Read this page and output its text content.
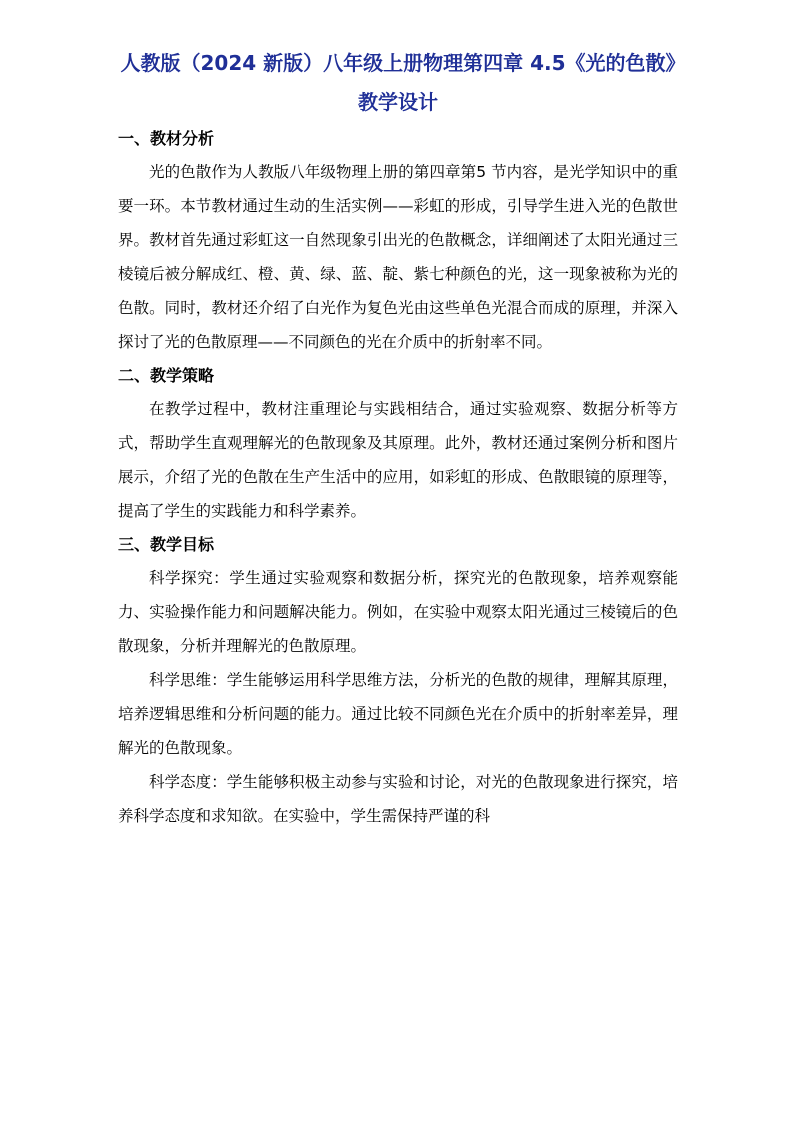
人教版（2024 新版）八年级上册物理第四章 4.5《光的色散》教学设计
一、教材分析

光的色散作为人教版八年级物理上册的第四章第5 节内容，是光学知识中的重要一环。本节教材通过生动的生活实例——彩虹的形成，引导学生进入光的色散世界。教材首先通过彩虹这一自然现象引出光的色散概念，详细阐述了太阳光通过三棱镜后被分解成红、橙、黄、绿、蓝、靛、紫七种颜色的光，这一现象被称为光的色散。同时，教材还介绍了白光作为复色光由这些单色光混合而成的原理，并深入探讨了光的色散原理——不同颜色的光在介质中的折射率不同。

二、教学策略

在教学过程中，教材注重理论与实践相结合，通过实验观察、数据分析等方式，帮助学生直观理解光的色散现象及其原理。此外，教材还通过案例分析和图片展示，介绍了光的色散在生产生活中的应用，如彩虹的形成、色散眼镜的原理等，提高了学生的实践能力和科学素养。

三、教学目标

科学探究：学生通过实验观察和数据分析，探究光的色散现象，培养观察能力、实验操作能力和问题解决能力。例如，在实验中观察太阳光通过三棱镜后的色散现象，分析并理解光的色散原理。

科学思维：学生能够运用科学思维方法，分析光的色散的规律，理解其原理，培养逻辑思维和分析问题的能力。通过比较不同颜色光在介质中的折射率差异，理解光的色散现象。

科学态度：学生能够积极主动参与实验和讨论，对光的色散现象进行探究，培养科学态度和求知欲。在实验中，学生需保持严谨的科
